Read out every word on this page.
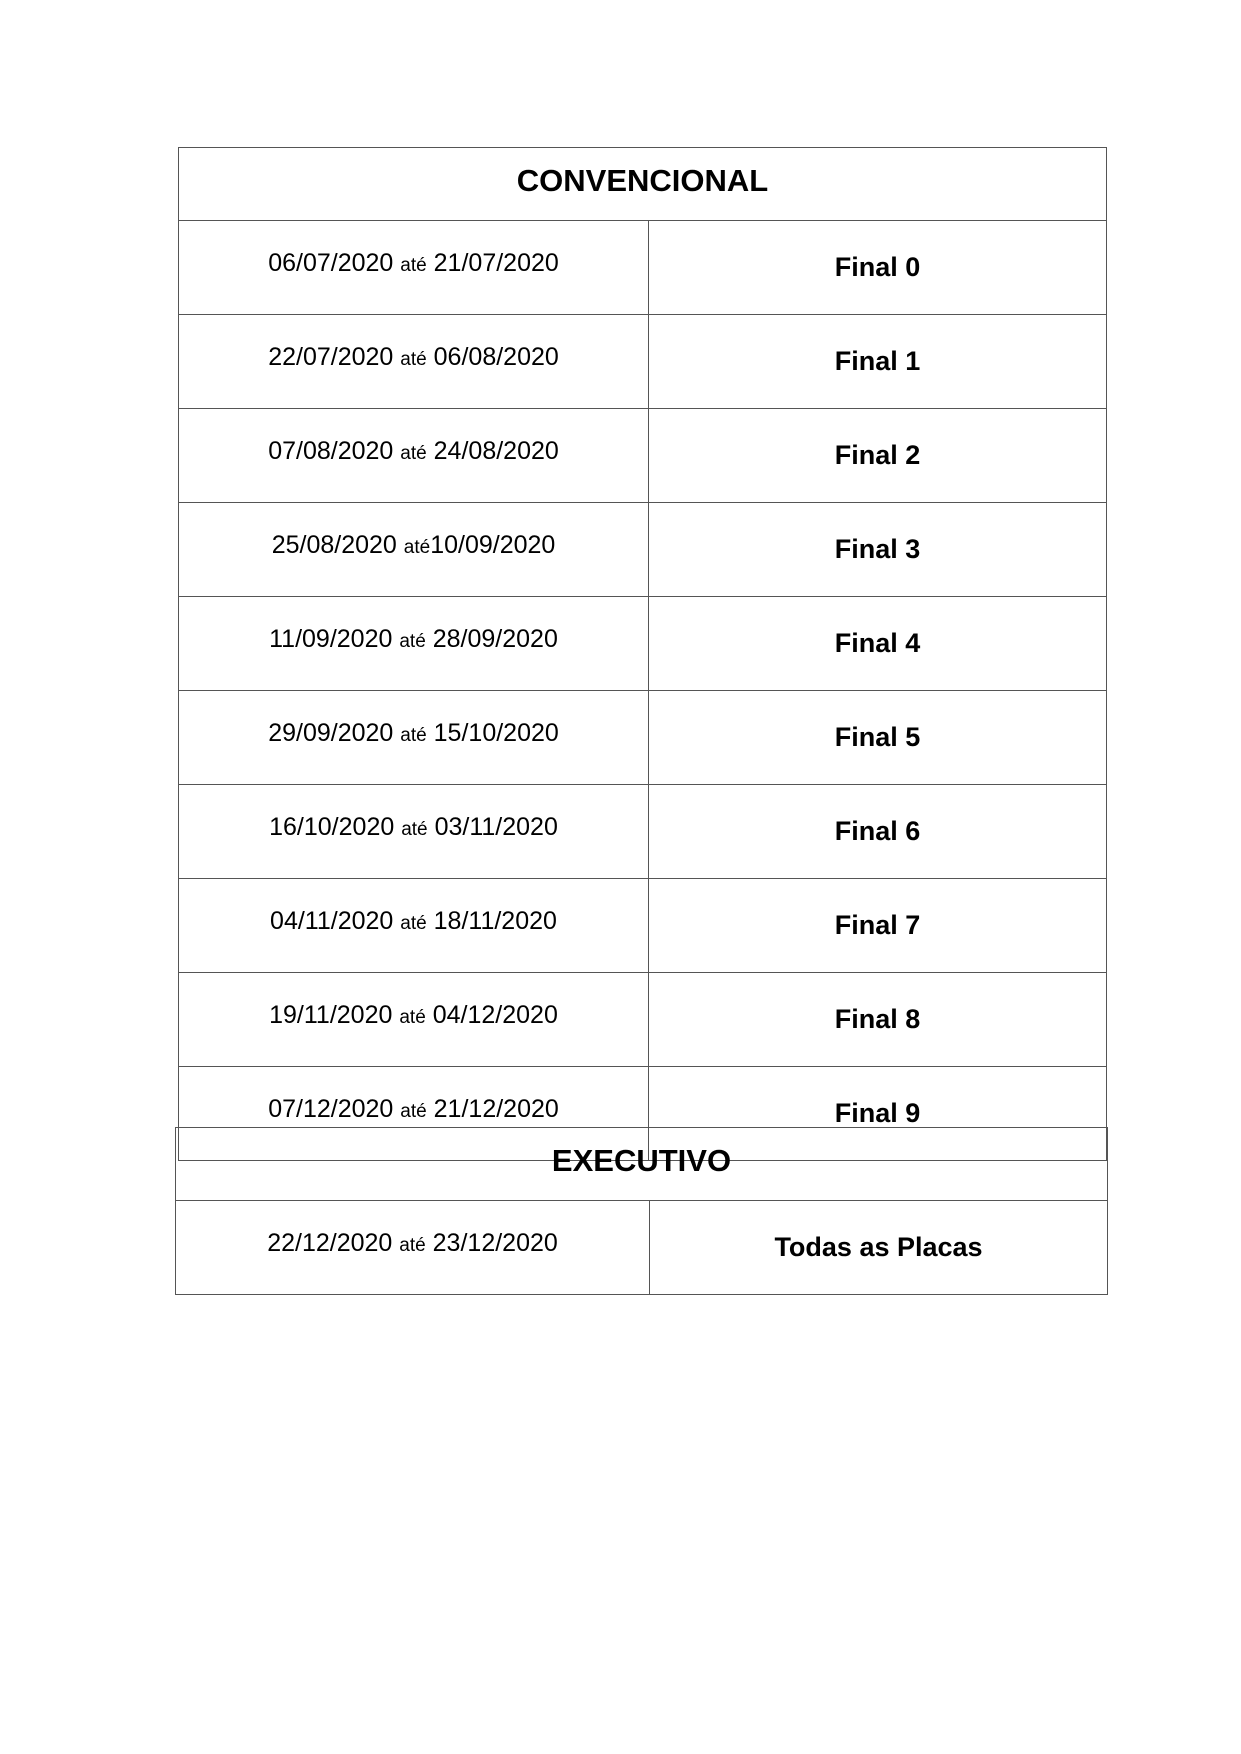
CONVENCIONAL	
06/07/2020 até 21/07/2020	Final 0
22/07/2020 até 06/08/2020	Final 1
07/08/2020 até 24/08/2020	Final 2
25/08/2020 até10/09/2020	Final 3
11/09/2020 até 28/09/2020	Final 4
29/09/2020 até 15/10/2020	Final 5
16/10/2020 até 03/11/2020	Final 6
04/11/2020 até 18/11/2020	Final 7
19/11/2020 até 04/12/2020	Final 8
07/12/2020 até 21/12/2020	Final 9
EXECUTIVO
22/12/2020 até 23/12/2020	Todas as Placas
